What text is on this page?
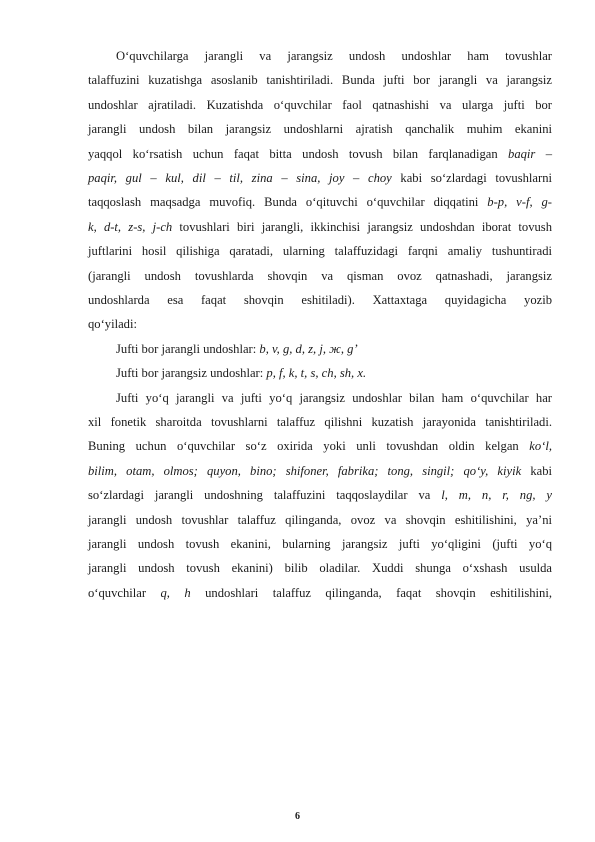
O‘quvchilarga jarangli va jarangsiz undosh undoshlar ham tovushlar
talaffuzini kuzatishga asoslanib tanishtiriladi. Bunda jufti bor jarangli va jarangsiz
undoshlar ajratiladi. Kuzatishda o‘quvchilar faol qatnashishi va ularga jufti bor
jarangli undosh bilan jarangsiz undoshlarni ajratish qanchalik muhim ekanini
yaqqol ko‘rsatish uchun faqat bitta undosh tovush bilan farqlanadigan baqir –
paqir, gul – kul, dil – til, zina – sina, joy – choy kabi so‘zlardagi tovushlarni
taqqoslash maqsadga muvofiq. Bunda o‘qituvchi o‘quvchilar diqqatini b-p, v-f, g-
k, d-t, z-s, j-ch tovushlari biri jarangli, ikkinchisi jarangsiz undoshdan iborat tovush
juftlarini hosil qilishiga qaratadi, ularning talaffuzidagi farqni amaliy tushuntiradi
(jarangli undosh tovushlarda shovqin va qisman ovoz qatnashadi, jarangsiz
undoshlarda esa faqat shovqin eshitiladi). Xattaxtaga quyidagicha yozib
qo‘yiladi:
Jufti bor jarangli undoshlar: b, v, g, d, z, j, ж, g’
Jufti bor jarangsiz undoshlar: p, f, k, t, s, ch, sh, x.
Jufti yo‘q jarangli va jufti yo‘q jarangsiz undoshlar bilan ham o‘quvchilar har
xil fonetik sharoitda tovushlarni talaffuz qilishni kuzatish jarayonida tanishtiriladi.
Buning uchun o‘quvchilar so‘z oxirida yoki unli tovushdan oldin kelgan ko‘l,
bilim, otam, olmos; quyon, bino; shifoner, fabrika; tong, singil; qo‘y, kiyik kabi
so‘zlardagi jarangli undoshning talaffuzini taqqoslaydilar va l, m, n, r, ng, y
jarangli undosh tovushlar talaffuz qilinganda, ovoz va shovqin eshitilishini, ya’ni
jarangli undosh tovush ekanini, bularning jarangsiz jufti yo‘qligini (jufti yo‘q
jarangli undosh tovush ekanini) bilib oladilar. Xuddi shunga o‘xshash usulda
o‘quvchilar q, h undoshlari talaffuz qilinganda, faqat shovqin eshitilishini,
6
